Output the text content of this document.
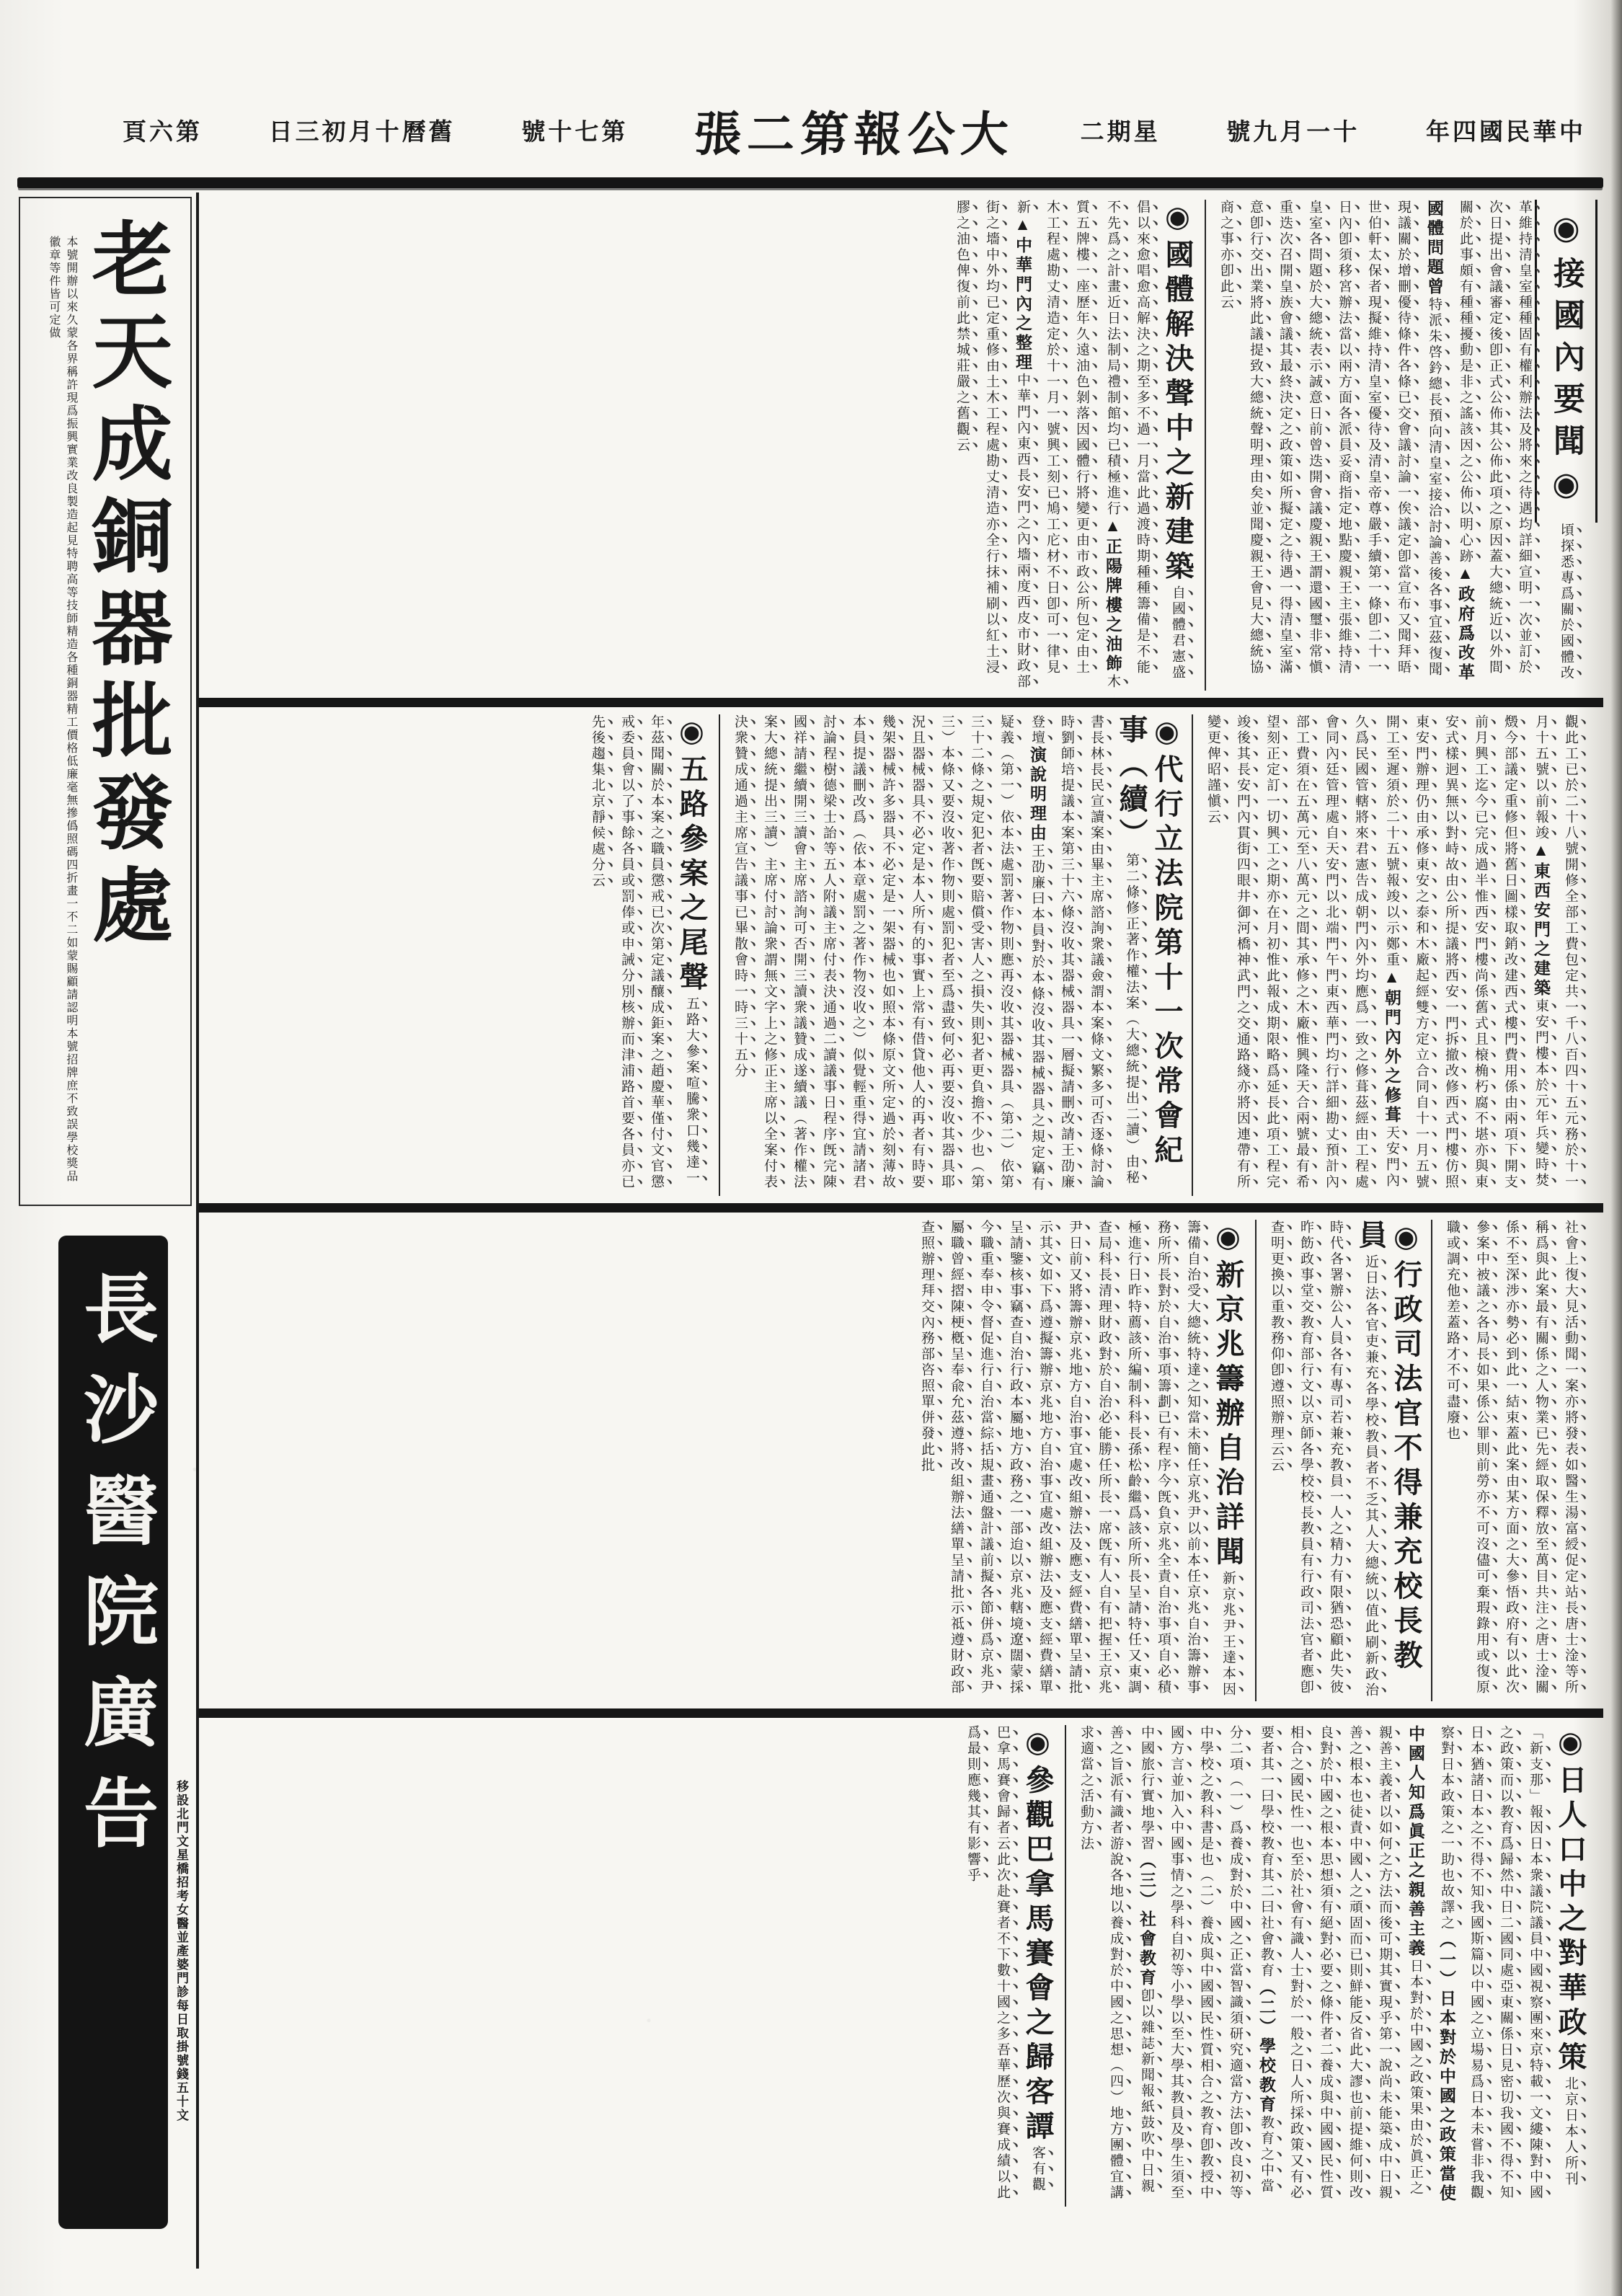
中華民國四年
十一月九號
星期二
大公報第二張
第七十號
舊曆十月初三日
第六頁
老天成銅器批發處
本號開辦以來久蒙各界稱許現爲振興實業改良製造起見特聘高等技師精造各種銅器精工價格低廉毫無摻僞照碼四折畫一不二如蒙賜顧請認明本號招牌庶不致誤學校獎品徽章等件皆可定做
移設北門文星橋招考女醫並產婆門診每日取掛號錢五十文
長沙醫院廣告
◉接國內要聞◉頃探悉專爲關於國體改革維持清皇室種種固有權利辦法及將來之待遇均詳細宣明一次並訂於次日提出會議審定後卽正式公佈其公佈此項之原因蓋大總統近以外間關於此事頗有種種擾動是非之謠該因之公佈以明心跡▲政府爲改革國體問題曾特派朱啓鈐總長預向清皇室接洽討論善後各事宜茲復聞現議關於增刪優待條件各條已交會議討論一俟議定卽當宣布又聞拜晤世伯軒太保者現擬維持清皇室優待及清皇帝尊嚴手續第一條卽二十一日內卽須移宮辦法當以兩方面各派員妥商指定地點慶親王主張維持清皇室各問題於大總統表示誠意日前曾迭開會議慶親王謂還國璽非常愼重迭次召開皇族會議其最終決定之政策如所擬定之待遇一得清皇室滿意卽行交出業將此議提致大總統聲明理由矣並聞慶親王會見大總統協商之事亦卽此云
◉國體解決聲中之新建築自國體君憲盛倡以來愈唱愈高解決之期至多不過一月當此過渡時期種種籌備是不能不先爲之計畫近日法制局禮制館均已積極進行▲正陽牌樓之油飾木質五牌樓一座歷年久遠油色剝落因國體行將變更由市政公所包定由土木工程處勘丈清造定於十一月一號興工刻已鳩工庀材不日卽可一律見新▲中華門內之整理中華門內東西長安門之內墻兩度西皮市財政部街之墻中外均已定重修由土木工程處勘丈清造亦全行抹補刷以紅土浸膠之油色俾復前此禁城莊嚴之舊觀云
觀此工已於二十八號開修全部工費包定共一千八百四十五元務於十一月十五號以前報竣▲東西安門之建築東安門樓本於元年兵變時焚燬今部議定重修但將舊日圖樣取銷改建西式樓門費用係由兩項下開支前月興工迄今已完成過半惟西安門樓尚係舊式且榱桷朽腐不堪亦與東安式樣迥異無以對峙故由公所提議將西安一門拆撤改修西式門樓仿照東安門辦理仍由承修東安之泰和木廠起經雙方定立合同自十一月五號開工至遲須於二十五號報竣以示鄭重▲朝門內外之修葺天安門內久爲民國管轄將來君憲告成朝門內外均應爲一致之修葺茲經由工程處會同內廷管理處自天安門以北端門午門東西華門均行詳細勘丈預計內部工費須在五萬元至八萬元之間其承修之木廠惟興隆天合兩號最有希望刻正定訂一切興工之期亦在月初惟此報成期限略爲延長此項工程完竣後其長安門內貫街四眼井御河橋神武門之交通路綫亦將因連帶有所變更俾昭謹愼云
◉代行立法院第十一次常會紀事（續）第二條修正著作權法案（大總統提出二讀）由秘書長林長民宣讀案由畢主席諮詢衆議僉謂本案條文繁多可否逐條討論時劉師培提議本案第三十六條沒收其器械器具一層擬請刪改請王劭廉登壇演說明理由王劭廉曰本員對於本條沒收其器械器具之規定竊有疑義（第一）依本法處罰著作物則應再沒收其器械器具（第二）依第三十二條之規定犯者旣要賠償受害人之損失則犯者更負擔不少也（第三）本條又要沒收著作物則處罰犯者至爲盡致何必再要沒收其器具耶況且器械器具不必定是本人所有的事實上常有借貸他人的再者有時要幾架器械許多器具不必定是一架器械也如照本條原文所定過於刻薄故本員提議刪改爲（依本章處罰之著作物沒收之）似覺輕重得宜請諸君討論程樹德梁士詒等五人附議主席付表決通過二讀議事日程序旣完陳國祥請繼續開三讀會主席諮詢可否開三讀衆議贊成遂續議（著作權法案大總統提出三讀）主席付討論衆謂無文字上之修正主席以全案付表決衆贊成通過主席宣告議事已畢散會時一時三十五分
◉五路參案之尾聲五路大參案喧騰衆口幾達一年茲聞關於本案之職員懲戒已次第定議釀成鉅案之趙慶華僅付文官懲戒委員會以了事餘各員或罰俸或申誡分別核辦而津浦路首要各員亦已先後趨集北京靜候處分云
社會上復大見活動聞一案亦將發表如醫生湯富綬促定站長唐士淦等所稱爲與此案最有關係之人物業已先經取保釋放至萬目共注之唐士淦關係不至深涉亦勢必到此一結束蓋此案由某方面之大參悟政府有以此次參案中被議之各局長如果係公罪則前勞亦不可沒儘可棄瑕錄用或復原職或調充他差蓋路才不可盡廢也
◉行政司法官不得兼充校長教員近日法各官吏兼充各學校教員者不乏其人大總統以值此刷新政治時代各署辦公人員各有專司若兼充教員一人之精力有限猶恐顧此失彼昨飭政事堂交教育部行文以京師各學校校長教員有行政司法官者應卽查明更換以重教務仰卽遵照辦理云云
◉新京兆籌辦自治詳聞新京兆尹王達本因籌備自治受大總統特達之知當未簡任京兆尹以前本任京兆自治籌辦事務所所長對於自治事項籌劃已有程序今旣負京兆全責自治事項自必積極進行日昨特薦該所編制科科長孫松齡繼爲該所所長呈請特任又東調查局科長清理財政對於自治必能勝任所長一席旣有人自有把握王京兆尹日前又將籌辦京兆地方自治事宜處改組辦法及應支經費繕單呈請批示其文如下爲遵擬籌辦京兆地方自治事宜處改組辦法及應支經費繕單呈請鑒核事竊查自治行政本屬地方政務之一部迨以京兆轄境遼闊蒙採今職重奉申令督促進行自治當綜括規畫通盤計議前擬各節併爲京兆尹屬職曾經摺陳梗槪呈奉兪允茲遵將改組辦法繕單呈請批示祗遵財政部查照辦理拜交內務部咨照單併發此批
◉日人口中之對華政策北京日本人所刊「新支那」報因日本衆議院議員中國視察團來京特載一文縷陳對中國之政策而以教育爲歸然中日二國同處亞東關係日見密切我國不得不知日本猶諸日本之不得不知我國斯篇以中國之立場易爲日本未嘗非我觀察對日本政策之一助也故譯之（一）日本對於中國之政策當使中國人知爲眞正之親善主義日本對於中國之政策果由於眞正之親善主義者以如何之方法而後可期其實現乎第一說尚未能築成中日親善之根本也徒責中國人之頑固而已則鮮能反省此大謬也前提維何則改良對於中國之根本思想須有絕對必要之條件者二養成與中國國民性質相合之國民性一也至於社會有識人士對於一般之日人所採政策又有必要者其一曰學校教育其二曰社會教育（二）學校教育教育之中當分二項（一）爲養成對於中國之正當智識須研究適當方法卽改良初等中學校之教科書是也（二）養成與中國國民性質相合之教育卽教授中國方言並加入中國事情之學科自初等小學以至大學其教員及學生須至中國旅行實地學習（三）社會教育卽以雜誌新聞報紙鼓吹中日親善之旨派有識者游說各地以養成對於中國之思想（四）地方團體宜講求適當之活動方法
◉參觀巴拿馬賽會之歸客譚客有觀巴拿馬賽會歸者云此次赴賽者不下數十國之多吾華歷次與賽成績以此爲最則應幾其有影響乎
